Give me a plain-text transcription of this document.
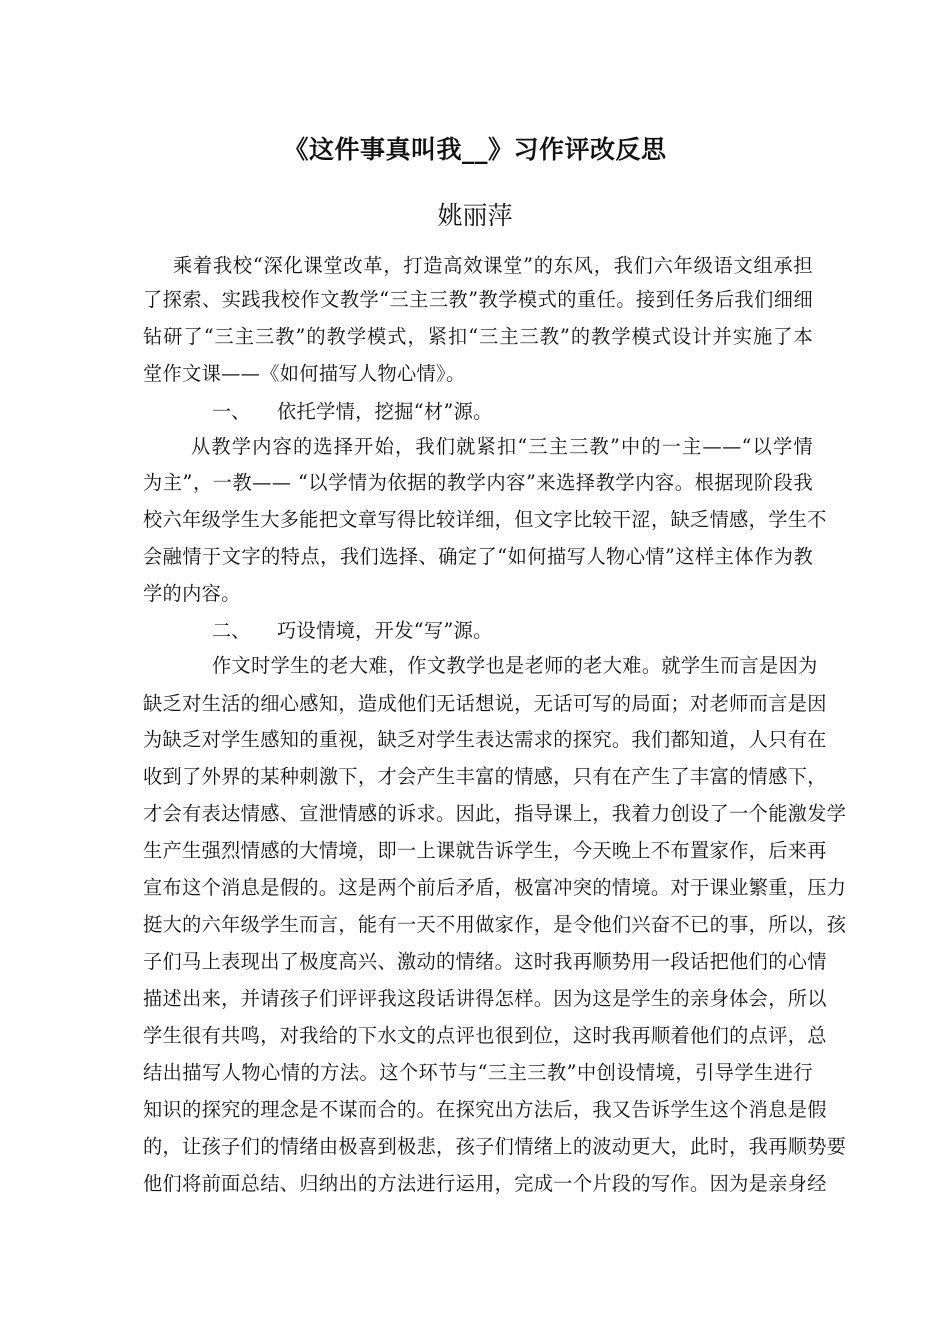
《这件事真叫我__》习作评改反思
姚丽萍
乘着我校“深化课堂改革，打造高效课堂”的东风，我们六年级语文组承担
了探索、实践我校作文教学“三主三教”教学模式的重任。接到任务后我们细细
钻研了“三主三教”的教学模式，紧扣“三主三教”的教学模式设计并实施了本
堂作文课——《如何描写人物心情》。
一、 依托学情，挖掘“材”源。
从教学内容的选择开始，我们就紧扣“三主三教”中的一主——“以学情
为主”，一教—— “以学情为依据的教学内容”来选择教学内容。根据现阶段我
校六年级学生大多能把文章写得比较详细，但文字比较干涩，缺乏情感，学生不
会融情于文字的特点，我们选择、确定了“如何描写人物心情”这样主体作为教
学的内容。
二、 巧设情境，开发“写”源。
作文时学生的老大难，作文教学也是老师的老大难。就学生而言是因为
缺乏对生活的细心感知，造成他们无话想说，无话可写的局面；对老师而言是因
为缺乏对学生感知的重视，缺乏对学生表达需求的探究。我们都知道，人只有在
收到了外界的某种刺激下，才会产生丰富的情感，只有在产生了丰富的情感下，
才会有表达情感、宣泄情感的诉求。因此，指导课上，我着力创设了一个能激发学
生产生强烈情感的大情境，即一上课就告诉学生，今天晚上不布置家作，后来再
宣布这个消息是假的。这是两个前后矛盾，极富冲突的情境。对于课业繁重，压力
挺大的六年级学生而言，能有一天不用做家作，是令他们兴奋不已的事，所以，孩
子们马上表现出了极度高兴、激动的情绪。这时我再顺势用一段话把他们的心情
描述出来，并请孩子们评评我这段话讲得怎样。因为这是学生的亲身体会，所以
学生很有共鸣，对我给的下水文的点评也很到位，这时我再顺着他们的点评，总
结出描写人物心情的方法。这个环节与“三主三教”中创设情境，引导学生进行
知识的探究的理念是不谋而合的。在探究出方法后，我又告诉学生这个消息是假
的，让孩子们的情绪由极喜到极悲，孩子们情绪上的波动更大，此时，我再顺势要
他们将前面总结、归纳出的方法进行运用，完成一个片段的写作。因为是亲身经
